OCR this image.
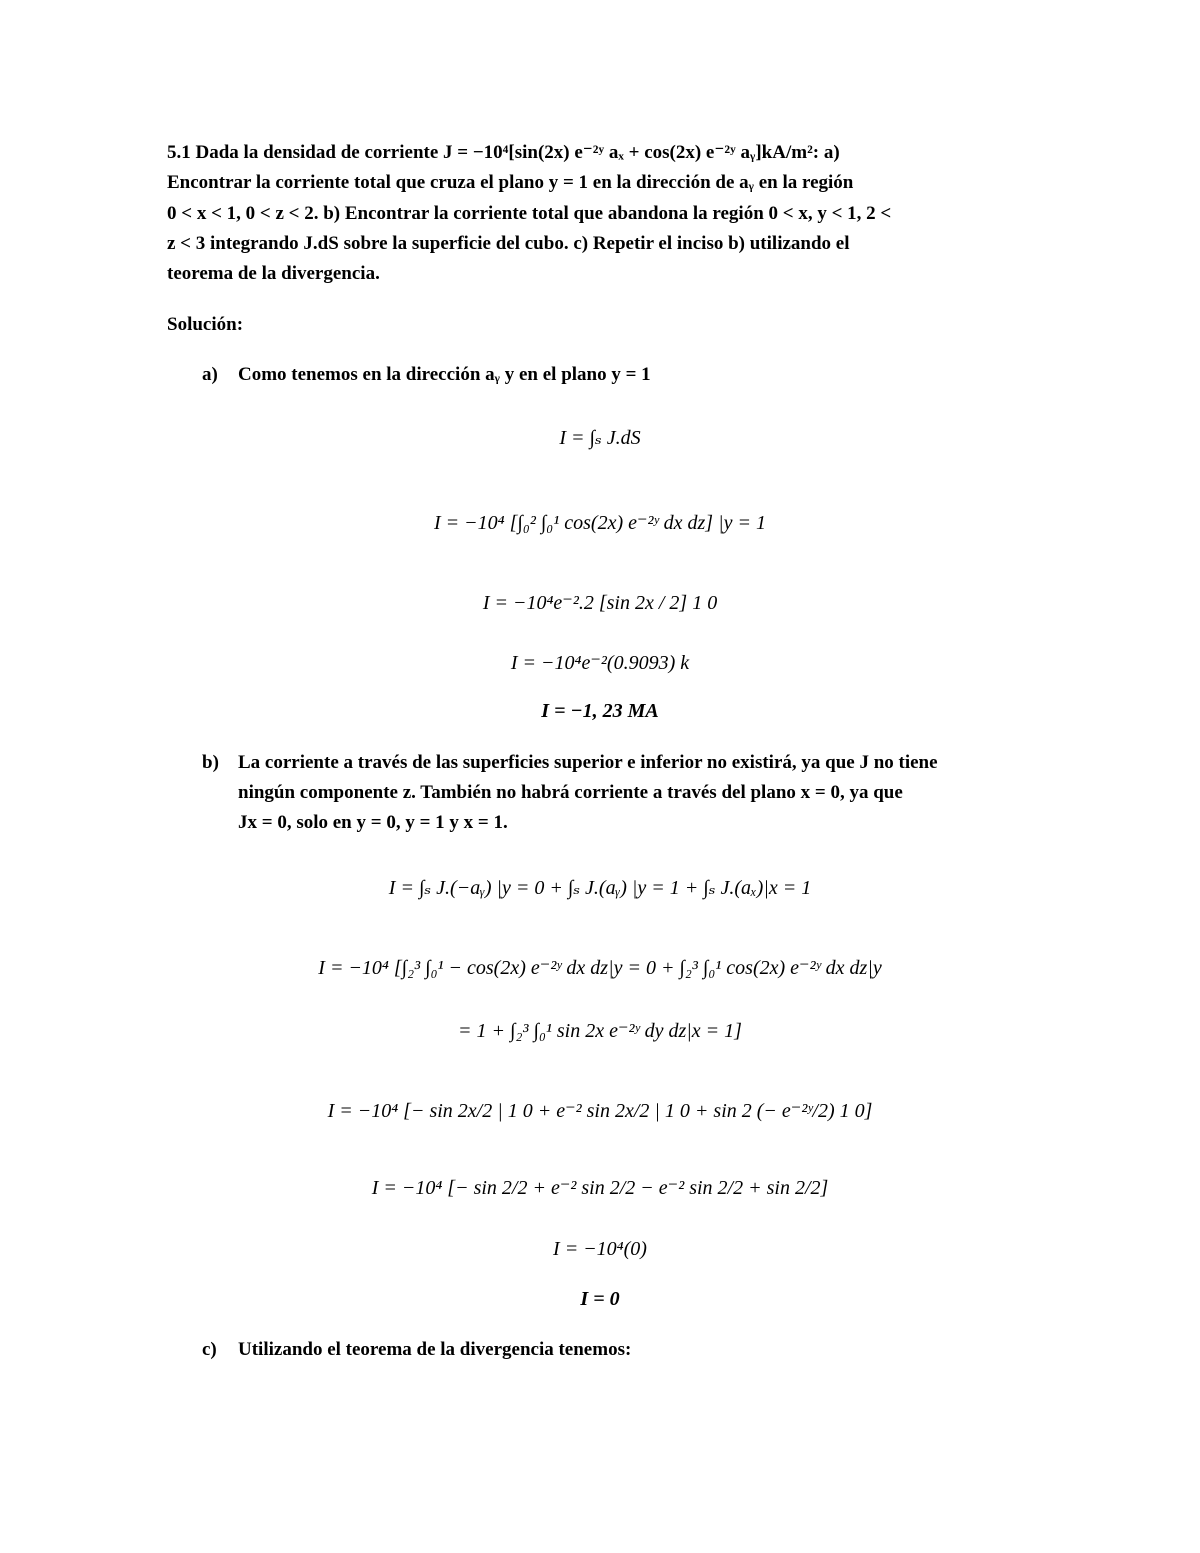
5.1 Dada la densidad de corriente J = −10⁴[sin(2x) e⁻²ʸ aₓ + cos(2x) e⁻²ʸ aᵧ]kA/m²: a)
Encontrar la corriente total que cruza el plano y = 1 en la dirección de aᵧ en la región
0 < x < 1, 0 < z < 2. b) Encontrar la corriente total que abandona la región 0 < x, y < 1, 2 <
z < 3 integrando J.dS sobre la superficie del cubo. c) Repetir el inciso b) utilizando el
teorema de la divergencia.
Solución:
a) Como tenemos en la dirección aᵧ y en el plano y = 1
I = ∫ₛ J.dS
I = −10⁴ [∫₀² ∫₀¹ cos(2x) e⁻²ʸ dx dz] |y = 1
I = −10⁴e⁻².2 [sin 2x / 2] 1 0
I = −10⁴e⁻²(0.9093) k
I = −1, 23 MA
b) La corriente a través de las superficies superior e inferior no existirá, ya que J no tiene
ningún componente z. También no habrá corriente a través del plano x = 0, ya que
Jx = 0, solo en y = 0, y = 1 y x = 1.
I = ∫ₛ J.(−aᵧ) |y = 0 + ∫ₛ J.(aᵧ) |y = 1 + ∫ₛ J.(aₓ)|x = 1
I = −10⁴ [∫₂³ ∫₀¹ − cos(2x) e⁻²ʸ dx dz|y = 0 + ∫₂³ ∫₀¹ cos(2x) e⁻²ʸ dx dz|y
= 1 + ∫₂³ ∫₀¹ sin 2x e⁻²ʸ dy dz|x = 1]
I = −10⁴ [− sin 2x/2 | 1 0 + e⁻² sin 2x/2 | 1 0 + sin 2 (− e⁻²ʸ/2) 1 0]
I = −10⁴ [− sin 2/2 + e⁻² sin 2/2 − e⁻² sin 2/2 + sin 2/2]
I = −10⁴(0)
I = 0
c) Utilizando el teorema de la divergencia tenemos:
